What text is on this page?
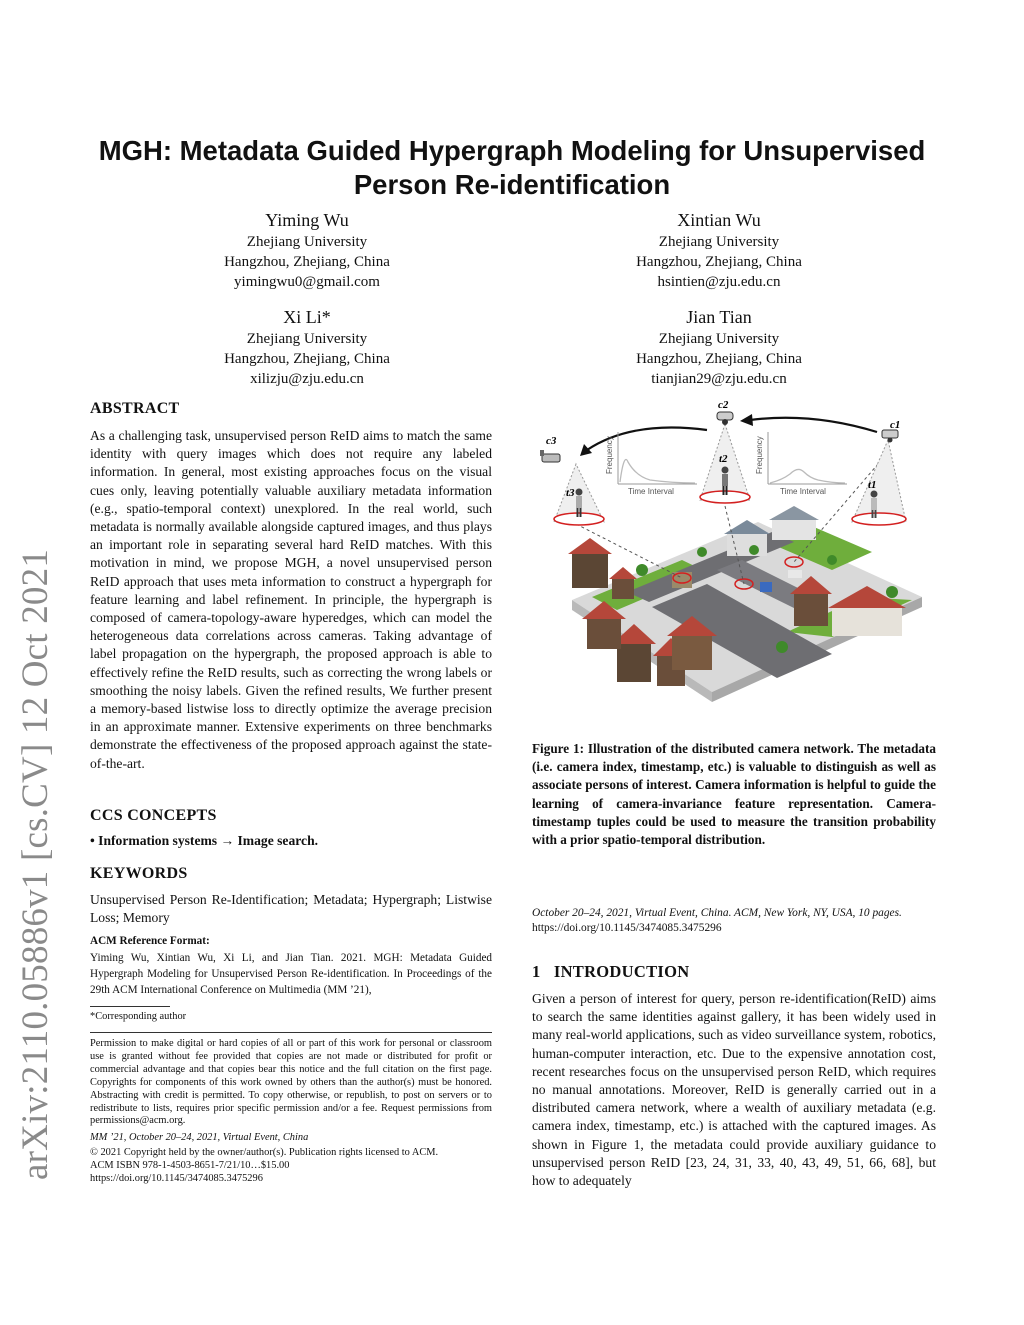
arXiv:2110.05886v1 [cs.CV] 12 Oct 2021
MGH: Metadata Guided Hypergraph Modeling for Unsupervised
Person Re-identification
Yiming Wu
Zhejiang University
Hangzhou, Zhejiang, China
yimingwu0@gmail.com
Xintian Wu
Zhejiang University
Hangzhou, Zhejiang, China
hsintien@zju.edu.cn
Xi Li*
Zhejiang University
Hangzhou, Zhejiang, China
xilizju@zju.edu.cn
Jian Tian
Zhejiang University
Hangzhou, Zhejiang, China
tianjian29@zju.edu.cn
ABSTRACT
As a challenging task, unsupervised person ReID aims to match the same identity with query images which does not require any labeled information. In general, most existing approaches focus on the visual cues only, leaving potentially valuable auxiliary metadata information (e.g., spatio-temporal context) unexplored. In the real world, such metadata is normally available alongside captured images, and thus plays an important role in separating several hard ReID matches. With this motivation in mind, we propose MGH, a novel unsupervised person ReID approach that uses meta information to construct a hypergraph for feature learning and label refinement. In principle, the hypergraph is composed of camera-topology-aware hyperedges, which can model the heterogeneous data correlations across cameras. Taking advantage of label propagation on the hypergraph, the proposed approach is able to effectively refine the ReID results, such as correcting the wrong labels or smoothing the noisy labels. Given the refined results, We further present a memory-based listwise loss to directly optimize the average precision in an approximate manner. Extensive experiments on three benchmarks demonstrate the effectiveness of the proposed approach against the state-of-the-art.
CCS CONCEPTS
• Information systems → Image search.
KEYWORDS
Unsupervised Person Re-Identification; Metadata; Hypergraph; Listwise Loss; Memory
ACM Reference Format:
Yiming Wu, Xintian Wu, Xi Li, and Jian Tian. 2021. MGH: Metadata Guided Hypergraph Modeling for Unsupervised Person Re-identification. In Proceedings of the 29th ACM International Conference on Multimedia (MM ’21),
*Corresponding author
Permission to make digital or hard copies of all or part of this work for personal or classroom use is granted without fee provided that copies are not made or distributed for profit or commercial advantage and that copies bear this notice and the full citation on the first page. Copyrights for components of this work owned by others than the author(s) must be honored. Abstracting with credit is permitted. To copy otherwise, or republish, to post on servers or to redistribute to lists, requires prior specific permission and/or a fee. Request permissions from permissions@acm.org.
MM ’21, October 20–24, 2021, Virtual Event, China
© 2021 Copyright held by the owner/author(s). Publication rights licensed to ACM.
ACM ISBN 978-1-4503-8651-7/21/10…$15.00
https://doi.org/10.1145/3474085.3475296
c3
c2
c1
t3
t2
t1
Frequency
Time Interval
Frequency
Time Interval
Figure 1: Illustration of the distributed camera network. The metadata (i.e. camera index, timestamp, etc.) is valuable to distinguish as well as associate persons of interest. Camera information is helpful to guide the learning of camera-invariance feature representation. Camera-timestamp tuples could be used to measure the transition probability with a prior spatio-temporal distribution.
October 20–24, 2021, Virtual Event, China. ACM, New York, NY, USA, 10 pages.
https://doi.org/10.1145/3474085.3475296
1 INTRODUCTION
Given a person of interest for query, person re-identification(ReID) aims to search the same identities against gallery, it has been widely used in many real-world applications, such as video surveillance system, robotics, human-computer interaction, etc. Due to the expensive annotation cost, recent researches focus on the unsupervised person ReID, which requires no manual annotations. Moreover, ReID is generally carried out in a distributed camera network, where a wealth of auxiliary metadata (e.g. camera index, timestamp, etc.) is attached with the captured images. As shown in Figure 1, the metadata could provide auxiliary guidance to unsupervised person ReID [23, 24, 31, 33, 40, 43, 49, 51, 66, 68], but how to adequately
